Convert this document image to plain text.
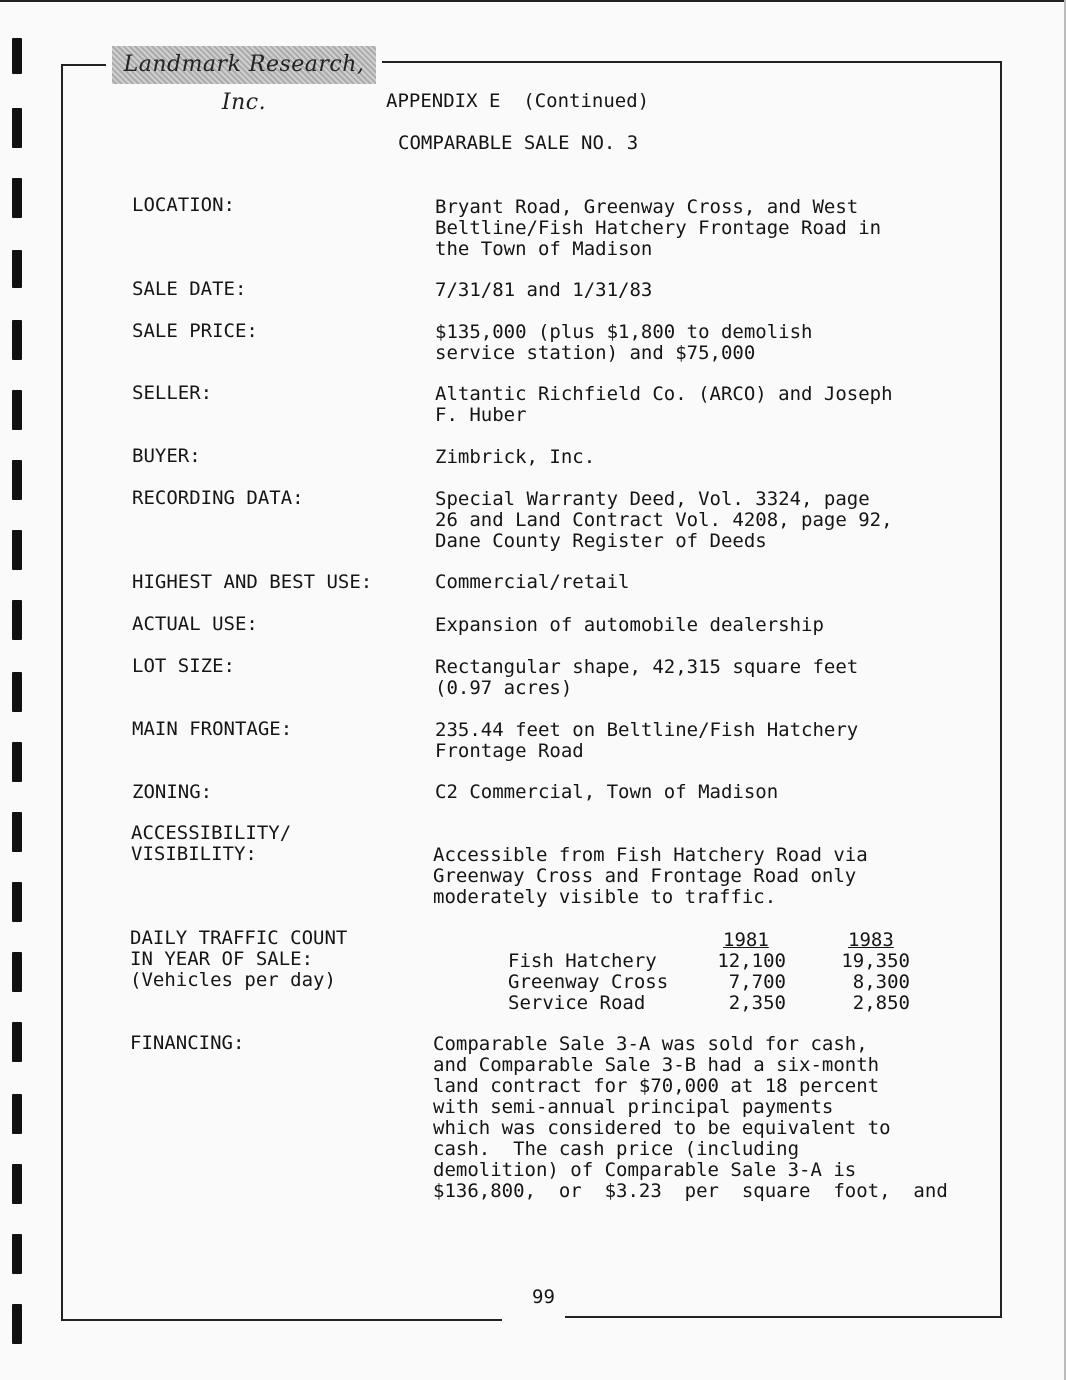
Landmark Research, Inc.	APPENDIX E  (Continued)
COMPARABLE SALE NO. 3
LOCATION:	Bryant Road, Greenway Cross, and West
Beltline/Fish Hatchery Frontage Road in
the Town of Madison
SALE DATE:	7/31/81 and 1/31/83
SALE PRICE:	$135,000 (plus $1,800 to demolish
service station) and $75,000
SELLER:	Altantic Richfield Co. (ARCO) and Joseph
F. Huber
BUYER:	Zimbrick, Inc.
RECORDING DATA:	Special Warranty Deed, Vol. 3324, page
26 and Land Contract Vol. 4208, page 92,
Dane County Register of Deeds
HIGHEST AND BEST USE:	Commercial/retail
ACTUAL USE:	Expansion of automobile dealership
LOT SIZE:	Rectangular shape, 42,315 square feet
(0.97 acres)
MAIN FRONTAGE:	235.44 feet on Beltline/Fish Hatchery
Frontage Road
ZONING:	C2 Commercial, Town of Madison
ACCESSIBILITY/
VISIBILITY:	Accessible from Fish Hatchery Road via
Greenway Cross and Frontage Road only
moderately visible to traffic.
DAILY TRAFFIC COUNT
IN YEAR OF SALE:
(Vehicles per day)
1981	1983
Fish Hatchery	12,100	19,350
Greenway Cross	7,700	8,300
Service Road	2,350	2,850
FINANCING:	Comparable Sale 3-A was sold for cash,
and Comparable Sale 3-B had a six-month
land contract for $70,000 at 18 percent
with semi-annual principal payments
which was considered to be equivalent to
cash.  The cash price (including
demolition) of Comparable Sale 3-A is
$136,800,  or  $3.23  per  square  foot,  and
99
